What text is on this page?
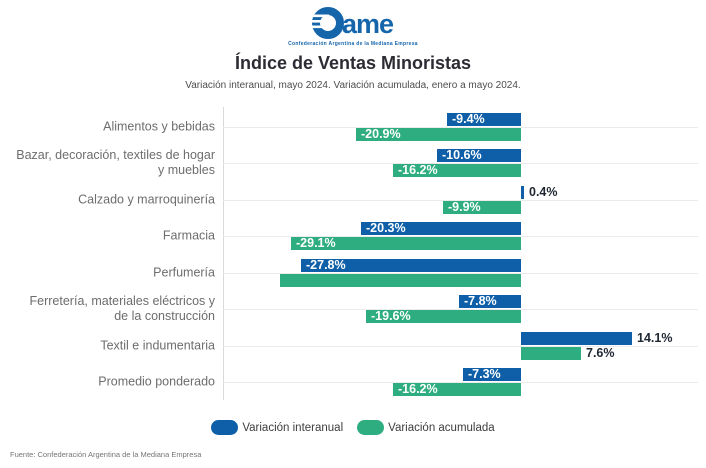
ame
Confederación Argentina de la Mediana Empresa
Índice de Ventas Minoristas
Variación interanual, mayo 2024. Variación acumulada, enero a mayo 2024.
Alimentos y bebidas
-9.4%
-20.9%
Bazar, decoración, textiles de hogar
y muebles
-10.6%
-16.2%
Calzado y marroquinería
0.4%
-9.9%
Farmacia
-20.3%
-29.1%
Perfumería
-27.8%
Ferretería, materiales eléctricos y
de la construcción
-7.8%
-19.6%
Textil e indumentaria
14.1%
7.6%
Promedio ponderado
-7.3%
-16.2%
Variación interanual	Variación acumulada
Fuente: Confederación Argentina de la Mediana Empresa
